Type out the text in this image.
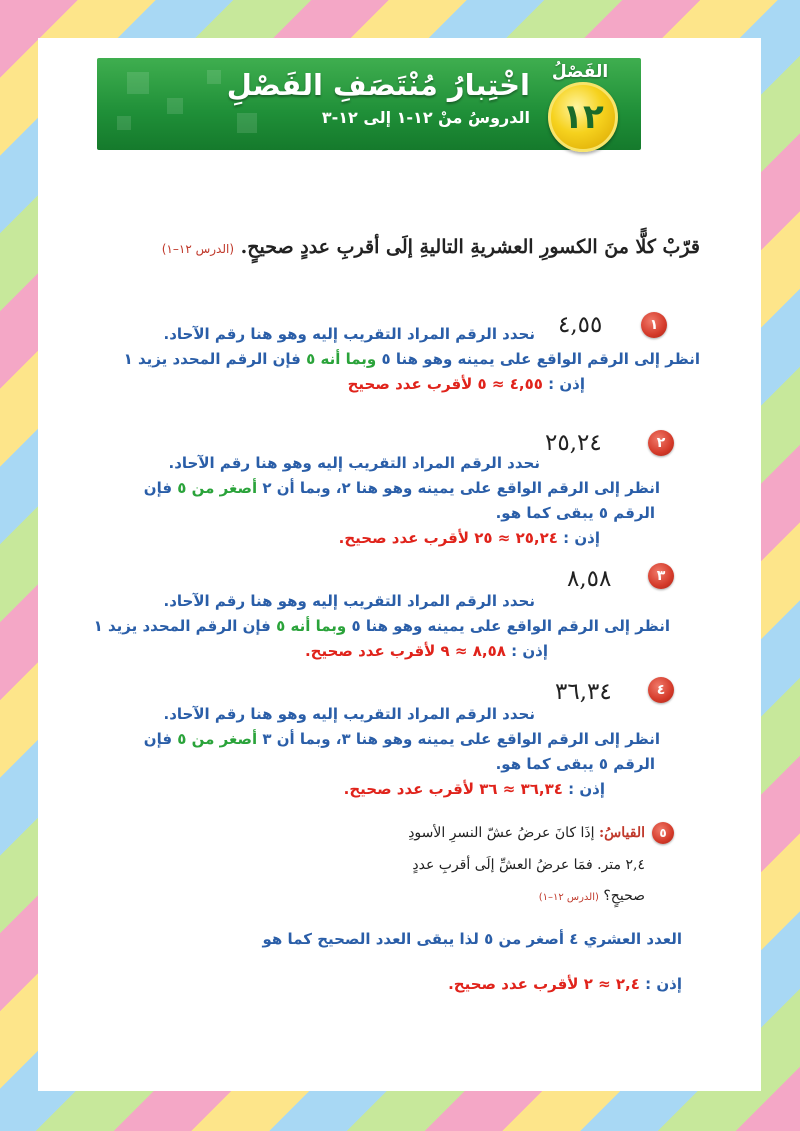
الفَصْلُ
١٢
اخْتِبارُ مُنْتَصَفِ الفَصْلِ
الدروسُ منْ ١٢-١ إلى ١٢-٣
قرّبْ كلًّا منَ الكسورِ العشريةِ التاليةِ إلَى أقربِ عددٍ صحيحٍ. (الدرس ١٢–١)
١
٤,٥٥
نحدد الرقم المراد التقريب إليه وهو هنا رقم الآحاد.
انظر إلى الرقم الواقع على يمينه وهو هنا ٥ وبما أنه ٥ فإن الرقم المحدد يزيد ١
إذن : ٤,٥٥ ≈ ٥ لأقرب عدد صحيح
٢
٢٥,٢٤
نحدد الرقم المراد التقريب إليه وهو هنا رقم الآحاد.
انظر إلى الرقم الواقع على يمينه وهو هنا ٢، وبما أن ٢ أصغر من ٥ فإن
الرقم ٥ يبقى كما هو.
إذن : ٢٥,٢٤ ≈ ٢٥ لأقرب عدد صحيح.
٣
٨,٥٨
نحدد الرقم المراد التقريب إليه وهو هنا رقم الآحاد.
انظر إلى الرقم الواقع على يمينه وهو هنا ٥ وبما أنه ٥ فإن الرقم المحدد يزيد ١
إذن : ٨,٥٨ ≈ ٩ لأقرب عدد صحيح.
٤
٣٦,٣٤
نحدد الرقم المراد التقريب إليه وهو هنا رقم الآحاد.
انظر إلى الرقم الواقع على يمينه وهو هنا ٣، وبما أن ٣ أصغر من ٥ فإن
الرقم ٥ يبقى كما هو.
إذن : ٣٦,٣٤ ≈ ٣٦ لأقرب عدد صحيح.
٥
القياسُ: إذَا كانَ عرضُ عشّ النسرِ الأسودِ
٢,٤ متر. فمَا عرضُ العشِّ إلَى أقربِ عددٍ
صحيحٍ؟ (الدرس ١٢–١)
العدد العشري ٤ أصغر من ٥ لذا يبقى العدد الصحيح كما هو
إذن : ٢,٤ ≈ ٢ لأقرب عدد صحيح.
